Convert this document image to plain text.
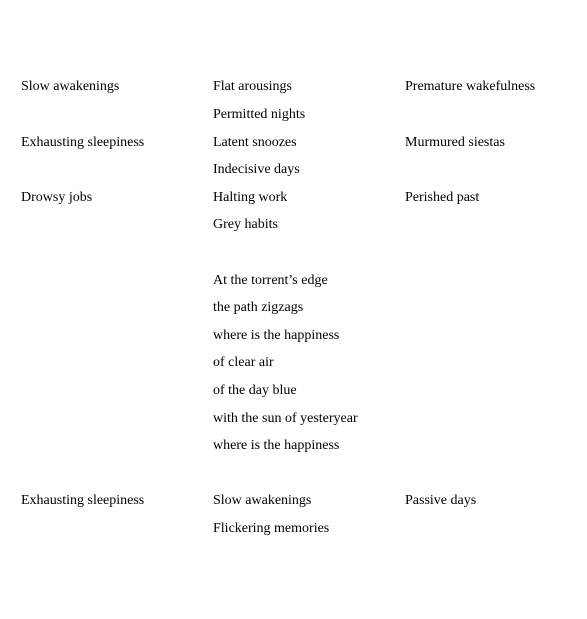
Slow awakenings	Flat arousings	Premature wakefulness
Permitted nights
Exhausting sleepiness	Latent snoozes	Murmured siestas
Indecisive days
Drowsy jobs	Halting work	Perished past
Grey habits
At the torrent’s edge
the path zigzags
where is the happiness
of clear air
of the day blue
with the sun of yesteryear
where is the happiness
Exhausting sleepiness	Slow awakenings	Passive days
Flickering memories
